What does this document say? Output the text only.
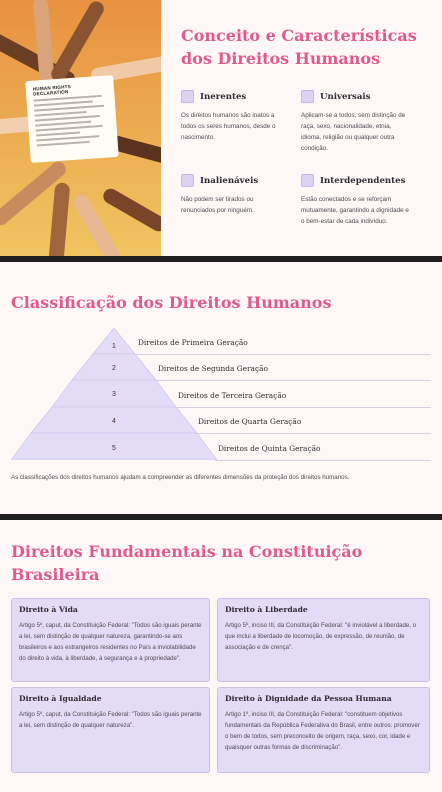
HUMAN RIGHTS DECLARATION
Conceito e Características dos Direitos Humanos
Inerentes

Os direitos humanos são inatos a todos os seres humanos, desde o nascimento.

Universais

Aplicam-se a todos, sem distinção de raça, sexo, nacionalidade, etnia, idioma, religião ou qualquer outra condição.

Inalienáveis

Não podem ser tirados ou renunciados por ninguém.

Interdependentes

Estão conectados e se reforçam mutuamente, garantindo a dignidade e o bem-estar de cada indivíduo.

Classificação dos Direitos Humanos
1
2
3
4
5
Direitos de Primeira Geração
Direitos de Segunda Geração
Direitos de Terceira Geração
Direitos de Quarta Geração
Direitos de Quinta Geração

As classificações dos direitos humanos ajudam a compreender as diferentes dimensões da proteção dos direitos humanos.

Direitos Fundamentais na Constituição Brasileira

Direito à Vida

Artigo 5º, caput, da Constituição Federal: "Todos são iguais perante a lei, sem distinção de qualquer natureza, garantindo-se aos brasileiros e aos estrangeiros residentes no País a inviolabilidade do direito à vida, à liberdade, à segurança e à propriedade".

Direito à Liberdade

Artigo 5º, inciso III, da Constituição Federal: "é inviolável a liberdade, o que inclui a liberdade de locomoção, de expressão, de reunião, de associação e de crença".

Direito à Igualdade

Artigo 5º, caput, da Constituição Federal: "Todos são iguais perante a lei, sem distinção de qualquer natureza".

Direito à Dignidade da Pessoa Humana

Artigo 1º, inciso III, da Constituição Federal: "constituem objetivos fundamentais da República Federativa do Brasil, entre outros: promover o bem de todos, sem preconceito de origem, raça, sexo, cor, idade e quaisquer outras formas de discriminação".
